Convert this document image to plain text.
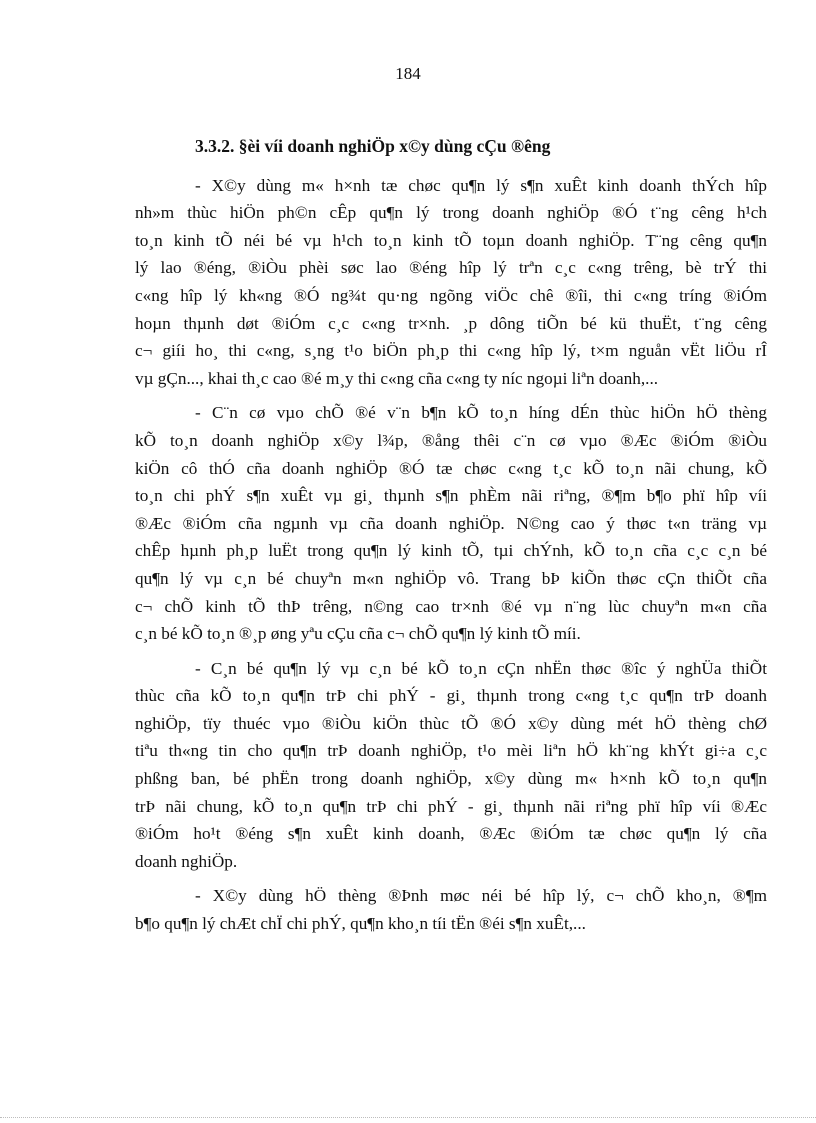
184
3.3.2. §èi víi doanh nghiÖp x©y dùng cÇu ®êng
- X©y dùng m« h×nh tæ chøc qu¶n lý s¶n xuÊt kinh doanh thÝch hîp
nh»m thùc hiÖn ph©n cÊp qu¶n lý trong doanh nghiÖp ®Ó t¨ng cêng h¹ch
to¸n kinh tÕ néi bé vµ h¹ch to¸n kinh tÕ toµn doanh nghiÖp. T¨ng cêng qu¶n
lý lao ®éng, ®iÒu phèi søc lao ®éng hîp lý trªn c¸c c«ng trêng, bè trÝ thi
c«ng hîp lý kh«ng ®Ó ng¾t qu·ng ngõng viÖc chê ®îi, thi c«ng tríng ®iÓm
hoµn thµnh døt ®iÓm c¸c c«ng tr×nh. ¸p dông tiÕn bé kü thuËt, t¨ng cêng
c¬ giíi ho¸ thi c«ng, s¸ng t¹o biÖn ph¸p thi c«ng hîp lý, t×m nguån vËt liÖu rÎ
vµ gÇn..., khai th¸c cao ®é m¸y thi c«ng cña c«ng ty níc ngoµi liªn doanh,...
- C¨n cø vµo chÕ ®é v¨n b¶n kÕ to¸n híng dÉn thùc hiÖn hÖ thèng
kÕ to¸n doanh nghiÖp x©y l¾p, ®ång thêi c¨n cø vµo ®Æc ®iÓm ®iÒu
kiÖn cô thÓ cña doanh nghiÖp ®Ó tæ chøc c«ng t¸c kÕ to¸n nãi chung, kÕ
to¸n chi phÝ s¶n xuÊt vµ gi¸ thµnh s¶n phÈm nãi riªng, ®¶m b¶o phï hîp víi
®Æc ®iÓm cña ngµnh vµ cña doanh nghiÖp. N©ng cao ý thøc t«n träng vµ
chÊp hµnh ph¸p luËt trong qu¶n lý kinh tÕ, tµi chÝnh, kÕ to¸n cña c¸c c¸n bé
qu¶n lý vµ c¸n bé chuyªn m«n nghiÖp vô. Trang bÞ kiÕn thøc cÇn thiÕt cña
c¬ chÕ kinh tÕ thÞ trêng, n©ng cao tr×nh ®é vµ n¨ng lùc chuyªn m«n cña
c¸n bé kÕ to¸n ®¸p øng yªu cÇu cña c¬ chÕ qu¶n lý kinh tÕ míi.
- C¸n bé qu¶n lý vµ c¸n bé kÕ to¸n cÇn nhËn thøc ®îc ý nghÜa thiÕt
thùc cña kÕ to¸n qu¶n trÞ chi phÝ - gi¸ thµnh trong c«ng t¸c qu¶n trÞ doanh
nghiÖp, tïy thuéc vµo ®iÒu kiÖn thùc tÕ ®Ó x©y dùng mét hÖ thèng chØ
tiªu th«ng tin cho qu¶n trÞ doanh nghiÖp, t¹o mèi liªn hÖ kh¨ng khÝt gi÷a c¸c
phßng ban, bé phËn trong doanh nghiÖp, x©y dùng m« h×nh kÕ to¸n qu¶n
trÞ nãi chung, kÕ to¸n qu¶n trÞ chi phÝ - gi¸ thµnh nãi riªng phï hîp víi ®Æc
®iÓm ho¹t ®éng s¶n xuÊt kinh doanh, ®Æc ®iÓm tæ chøc qu¶n lý cña
doanh nghiÖp.
- X©y dùng hÖ thèng ®Þnh møc néi bé hîp lý, c¬ chÕ kho¸n, ®¶m
b¶o qu¶n lý chÆt chÏ chi phÝ, qu¶n kho¸n tíi tËn ®éi s¶n xuÊt,...
